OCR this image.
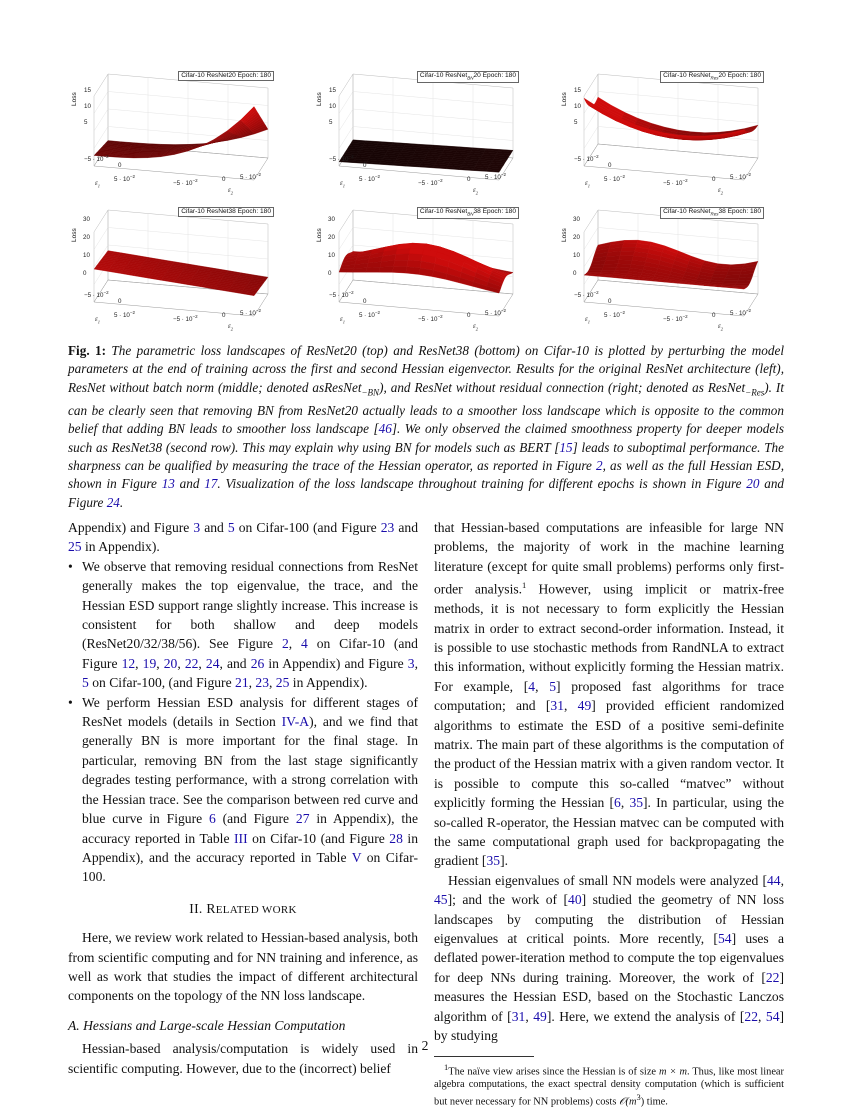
Cifar-10 ResNet20 Epoch: 180
Loss
15
10
5
$-5 \cdot 10^{-2}$
0
$5 \cdot 10^{-2}$
$-5 \cdot 10^{-2}$	0 $5 \cdot 10^{-2}$
$\varepsilon_1$
$\varepsilon_2$
Cifar-10 ResNet$_{BN}$20 Epoch: 180
Loss
15
10
5
$-5 \cdot 10^{-2}$
0
$5 \cdot 10^{-2}$
$-5 \cdot 10^{-2}$	0 $5 \cdot 10^{-2}$
$\varepsilon_1$
$\varepsilon_2$
Cifar-10 ResNet$_{Res}$20 Epoch: 180
Loss
15
10
5
$-5 \cdot 10^{-2}$
0
$5 \cdot 10^{-2}$
$-5 \cdot 10^{-2}$	0 $5 \cdot 10^{-2}$
$\varepsilon_1$
$\varepsilon_2$
Cifar-10 ResNet38 Epoch: 180
Loss
30
20
10
0
$-5 \cdot 10^{-2}$
0
$5 \cdot 10^{-2}$
$-5 \cdot 10^{-2}$	0 $5 \cdot 10^{-2}$
$\varepsilon_1$
$\varepsilon_2$
Cifar-10 ResNet$_{BN}$38 Epoch: 180
Loss
30
20
10
0
$-5 \cdot 10^{-2}$
0
$5 \cdot 10^{-2}$
$-5 \cdot 10^{-2}$	0 $5 \cdot 10^{-2}$
$\varepsilon_1$
$\varepsilon_2$
Cifar-10 ResNet$_{Res}$38 Epoch: 180
Loss
30
20
10
0
$-5 \cdot 10^{-2}$
0
$5 \cdot 10^{-2}$
$-5 \cdot 10^{-2}$	0 $5 \cdot 10^{-2}$
$\varepsilon_1$
$\varepsilon_2$
Fig. 1: The parametric loss landscapes of ResNet20 (top) and ResNet38 (bottom) on Cifar-10 is plotted by perturbing the model parameters at the end of training across the first and second Hessian eigenvector. Results for the original ResNet architecture (left), ResNet without batch norm (middle; denoted asResNet$_{-BN}$), and ResNet without residual connection (right; denoted as ResNet$_{-Res}$). It can be clearly seen that removing BN from ResNet20 actually leads to a smoother loss landscape which is opposite to the common belief that adding BN leads to smoother loss landscape [46]. We only observed the claimed smoothness property for deeper models such as ResNet38 (second row). This may explain why using BN for models such as BERT [15] leads to suboptimal performance. The sharpness can be qualified by measuring the trace of the Hessian operator, as reported in Figure 2, as well as the full Hessian ESD, shown in Figure 13 and 17. Visualization of the loss landscape throughout training for different epochs is shown in Figure 20 and Figure 24.

Appendix) and Figure 3 and 5 on Cifar-100 (and Figure 23 and 25 in Appendix).

• We observe that removing residual connections from ResNet generally makes the top eigenvalue, the trace, and the Hessian ESD support range slightly increase. This increase is consistent for both shallow and deep models (ResNet20/32/38/56). See Figure 2, 4 on Cifar-10 (and Figure 12, 19, 20, 22, 24, and 26 in Appendix) and Figure 3, 5 on Cifar-100, (and Figure 21, 23, 25 in Appendix).

• We perform Hessian ESD analysis for different stages of ResNet models (details in Section IV-A), and we find that generally BN is more important for the final stage. In particular, removing BN from the last stage significantly degrades testing performance, with a strong correlation with the Hessian trace. See the comparison between red curve and blue curve in Figure 6 (and Figure 27 in Appendix), the accuracy reported in Table III on Cifar-10 (and Figure 28 in Appendix), and the accuracy reported in Table V on Cifar-100.

II. RELATED WORK

Here, we review work related to Hessian-based analysis, both from scientific computing and for NN training and inference, as well as work that studies the impact of different architectural components on the topology of the NN loss landscape.

A. Hessians and Large-scale Hessian Computation

Hessian-based analysis/computation is widely used in scientific computing. However, due to the (incorrect) belief

that Hessian-based computations are infeasible for large NN problems, the majority of work in the machine learning literature (except for quite small problems) performs only first-order analysis.$^1$ However, using implicit or matrix-free methods, it is not necessary to form explicitly the Hessian matrix in order to extract second-order information. Instead, it is possible to use stochastic methods from RandNLA to extract this information, without explicitly forming the Hessian matrix. For example, [4, 5] proposed fast algorithms for trace computation; and [31, 49] provided efficient randomized algorithms to estimate the ESD of a positive semi-definite matrix. The main part of these algorithms is the computation of the product of the Hessian matrix with a given random vector. It is possible to compute this so-called “matvec” without explicitly forming the Hessian [6, 35]. In particular, using the so-called R-operator, the Hessian matvec can be computed with the same computational graph used for backpropagating the gradient [35].

Hessian eigenvalues of small NN models were analyzed [44, 45]; and the work of [40] studied the geometry of NN loss landscapes by computing the distribution of Hessian eigenvalues at critical points. More recently, [54] uses a deflated power-iteration method to compute the top eigenvalues for deep NNs during training. Moreover, the work of [22] measures the Hessian ESD, based on the Stochastic Lanczos algorithm of [31, 49]. Here, we extend the analysis of [22, 54] by studying

$^1$The naïve view arises since the Hessian is of size m × m. Thus, like most linear algebra computations, the exact spectral density computation (which is sufficient but never necessary for NN problems) costs 𝒪(m$^3$) time.

2
